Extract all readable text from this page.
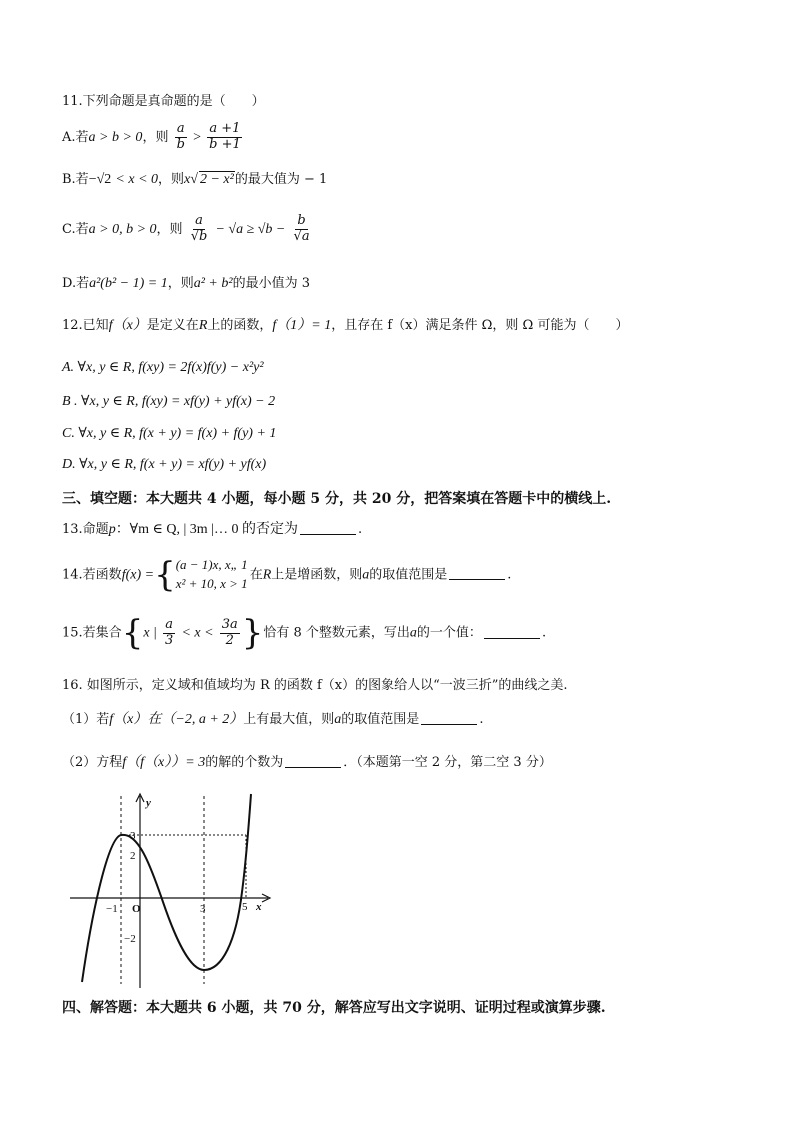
11.下列命题是真命题的是（　　）
A.若a > b > 0，则 $\frac{a}{b} > \frac{a +1}{b +1}$
B.若−√2 < x < 0，则x√ 2 − x²的最大值为 − 1
C.若a > 0, b > 0，则 $\frac{a}{√b} - √a \ge √b - \frac{b}{√a}$
D.若a²(b² − 1) = 1，则a² + b²的最小值为 3
12.已知f（x）是定义在R上的函数，f（1）= 1，且存在 f（x）满足条件 Ω，则 Ω 可能为（　　）
A. ∀x, y ∈ R, f(xy) = 2f(x)f(y) − x²y²
B . ∀x, y ∈ R, f(xy) = xf(y) + yf(x) − 2
C. ∀x, y ∈ R, f(x + y) = f(x) + f(y) + 1
D. ∀x, y ∈ R, f(x + y) = xf(y) + yf(x)
三、填空题：本大题共 4 小题，每小题 5 分，共 20 分，把答案填在答题卡中的横线上.
13.命题p：∀m ∈ Q, | 3m |… 0 的否定为	.
14.若函数f(x) ={ (a − 1)x, x„ 1
x² + 10, x > 1
在R上是增函数，则a的取值范围是	.
15.若集合{x | $\frac{a}{3} < x < \frac{3a}{2}$ }恰有 8 个整数元素，写出a的一个值：	.
16. 如图所示，定义域和值域均为 R 的函数 f（x）的图象给人以“一波三折”的曲线之美.
（1）若f（x）在（−2, a + 2）上有最大值，则a的取值范围是	.
（2）方程f（f（x））= 3的解的个数为	．（本题第一空 2 分，第二空 3 分）
y
x
O
−1	3	5
3
2
−2
四、解答题：本大题共 6 小题，共 70 分，解答应写出文字说明、证明过程或演算步骤.
